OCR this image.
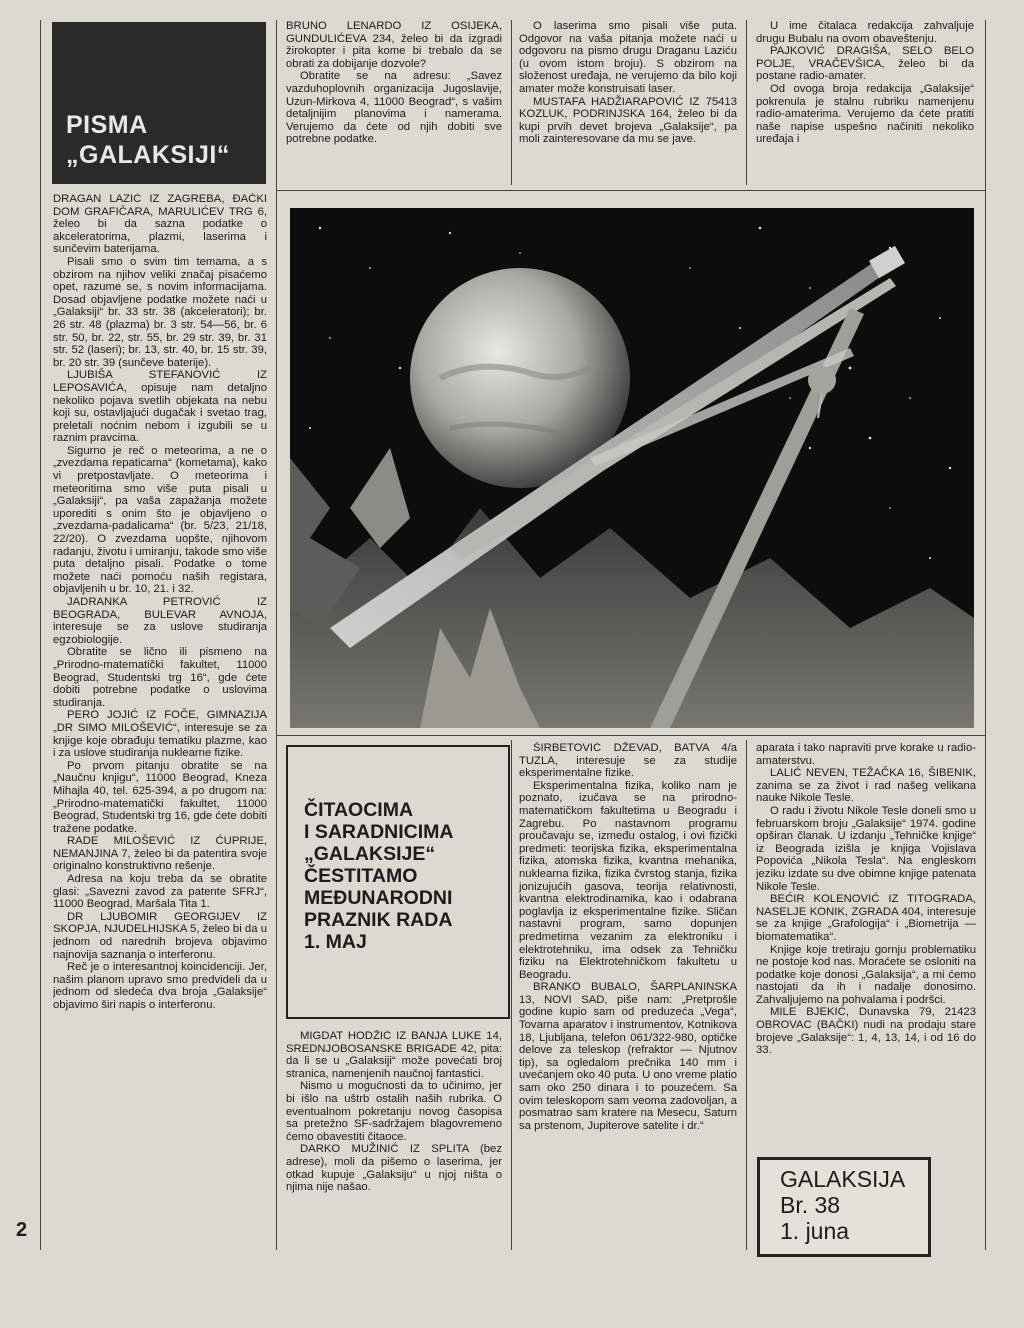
PISMA
„GALAKSIJI“

DRAGAN LAZIĆ IZ ZAGREBA, ĐAČKI DOM GRAFIČARA, MARULIĆEV TRG 6, želeo bi da sazna podatke o akceleratorima, plazmi, laserima i sunčevim baterijama.

Pisali smo o svim tim temama, a s obzirom na njihov veliki značaj pisaćemo opet, razume se, s novim informacijama. Dosad objavljene podatke možete naći u „Galaksiji“ br. 33 str. 38 (akceleratori); br. 26 str. 48 (plazma) br. 3 str. 54—56, br. 6 str. 50, br. 22, str. 55, br. 29 str. 39, br. 31 str. 52 (laseri); br. 13, str. 40, br. 15 str. 39, br. 20 str. 39 (sunčeve baterije).

LJUBIŠA STEFANOVIĆ IZ LEPOSAVIĆA, opisuje nam detaljno nekoliko pojava svetlih objekata na nebu koji su, ostavljajući dugačak i svetao trag, preletali noćnim nebom i izgubili se u raznim pravcima.

Sigurno je reč o meteorima, a ne o „zvezdama repaticama“ (kometama), kako vi pretpostavljate. O meteorima i meteoritima smo više puta pisali u „Galaksiji“, pa vaša zapažanja možete uporediti s onim što je objavljeno o „zvezdama-padalicama“ (br. 5/23, 21/18, 22/20). O zvezdama uopšte, njihovom radanju, životu i umiranju, takode smo više puta detaljno pisali. Podatke o tome možete naći pomoću naših registara, objavljenih u br. 10, 21. i 32.

JADRANKA PETROVIĆ IZ BEOGRADA, BULEVAR AVNOJA, interesuje se za uslove studiranja egzobiologije.

Obratite se lično ili pismeno na „Prirodno-matematički fakultet, 11000 Beograd, Studentski trg 16“, gde ćete dobiti potrebne podatke o uslovima studiranja.

PERO JOJIĆ IZ FOČE, GIMNAZIJA „DR SIMO MILOŠEVIĆ“, interesuje se za knjige koje obrađuju tematiku plazme, kao i za uslove studiranja nuklearne fizike.

Po prvom pitanju obratite se na „Naučnu knjigu“, 11000 Beograd, Kneza Mihajla 40, tel. 625-394, a po drugom na: „Prirodno-matematički fakultet, 11000 Beograd, Studentski trg 16, gde ćete dobiti tražene podatke.

RADE MILOŠEVIĆ IZ ĆUPRIJE, NEMANJINA 7, želeo bi da patentira svoje originalno konstruktivno rešenje.

Adresa na koju treba da se obratite glasi: „Savezni zavod za patente SFRJ“, 11000 Beograd, Maršala Tita 1.

DR LJUBOMIR GEORGIJEV IZ SKOPJA, NJUDELHIJSKA 5, želeo bi da u jednom od narednih brojeva objavimo najnovija saznanja o interferonu.

Reč je o interesantnoj koincidenciji. Jer, našim planom upravo smo predvideli da u jednom od sledeća dva broja „Galaksije“ objavimo širi napis o interferonu.

BRUNO LENARDO IZ OSIJEKA, GUNDULIĆEVA 234, želeo bi da izgradi žirokopter i pita kome bi trebalo da se obrati za dobijanje dozvole?

Obratite se na adresu: „Savez vazduhoplovnih organizacija Jugoslavije, Uzun-Mirkova 4, 11000 Beograd“, s vašim detaljnijim planovima i namerama. Verujemo da ćete od njih dobiti sve potrebne podatke.

O laserima smo pisali više puta. Odgovor na vaša pitanja možete naći u odgovoru na pismo drugu Draganu Laziću (u ovom istom broju). S obzirom na složenost uređaja, ne verujemo da bilo koji amater može konstruisati laser.

MUSTAFA HADŽIARAPOVIĆ IZ 75413 KOZLUK, PODRINJSKA 164, želeo bi da kupi prvih devet brojeva „Galaksije“, pa moli zainteresovane da mu se jave.

U ime čitalaca redakcija zahvaljuje drugu Bubalu na ovom obaveštenju.

PAJKOVIĆ DRAGIŠA, SELO BELO POLJE, VRAČEVŠICA, želeo bi da postane radio-amater.

Od ovoga broja redakcija „Galaksije“ pokrenula je stalnu rubriku namenjenu radio-amaterima. Verujemo da ćete pratiti naše napise uspešno načiniti nekoliko uređaja i

ČITAOCIMA
I SARADNICIMA
„GALAKSIJE“
ČESTITAMO
MEĐUNARODNI
PRAZNIK RADA
1. MAJ

MIGDAT HODŽIĆ IZ BANJA LUKE 14, SREDNJOBOSANSKE BRIGADE 42, pita: da li se u „Galaksiji“ može povećati broj stranica, namenjenih naučnoj fantastici.

Nismo u mogućnosti da to učinimo, jer bi išlo na uštrb ostalih naših rubrika. O eventualnom pokretanju novog časopisa sa pretežno SF-sadržajem blagovremeno ćemo obavestiti čitaoce.

DARKO MUŽINIĆ IZ SPLITA (bez adrese), moli da pišemo o laserima, jer otkad kupuje „Galaksiju“ u njoj ništa o njima nije našao.

ŠIRBETOVIĆ DŽEVAD, BATVA 4/a TUZLA, interesuje se za studije eksperimentalne fizike.

Eksperimentalna fizika, koliko nam je poznato, izučava se na prirodno-matematičkom fakultetima u Beogradu i Zagrebu. Po nastavnom programu proučavaju se, između ostalog, i ovi fizički predmeti: teorijska fizika, eksperimentalna fizika, atomska fizika, kvantna mehanika, nuklearna fizika, fizika čvrstog stanja, fizika jonizujućih gasova, teorija relativnosti, kvantna elektrodinamika, kao i odabrana poglavlja iz eksperimentalne fizike. Sličan nastavni program, samo dopunjen predmetima vezanim za elektroniku i elektrotehniku, ima odsek za Tehničku fiziku na Elektrotehničkom fakultetu u Beogradu.

BRANKO BUBALO, ŠARPLANINSKA 13, NOVI SAD, piše nam: „Pretprošle godine kupio sam od preduzeća „Vega“, Tovarna aparatov i instrumentov, Kotnikova 18, Ljubljana, telefon 061/322-980, optičke delove za teleskop (refraktor — Njutnov tip), sa ogledalom prečnika 140 mm i uvećanjem oko 40 puta. U ono vreme platio sam oko 250 dinara i to pouzećem. Sa ovim teleskopom sam veoma zadovoljan, a posmatrao sam kratere na Mesecu, Saturn sa prstenom, Jupiterove satelite i dr.“

aparata i tako napraviti prve korake u radio-amaterstvu.

LALIĆ NEVEN, TEŽAČKA 16, ŠIBENIK, zanima se za život i rad našeg velikana nauke Nikole Tesle.

O radu i životu Nikole Tesle doneli smo u februarskom broju „Galaksije“ 1974. godine opširan članak. U izdanju „Tehničke knjige“ iz Beograda izišla je knjiga Vojislava Popovića „Nikola Tesla“. Na engleskom jeziku izdate su dve obimne knjige patenata Nikole Tesle.

BEĆIR KOLENOVIĆ IZ TITOGRADA, NASELJE KONIK, ZGRADA 404, interesuje se za knjige „Grafologija“ i „Biometrija — biomatematika“.

Knjige koje tretiraju gornju problematiku ne postoje kod nas. Moraćete se osloniti na podatke koje donosi „Galaksija“, a mi ćemo nastojati da ih i nadalje donosimo. Zahvaljujemo na pohvalama i podršci.

MILE BJEKIĆ, Dunavska 79, 21423 OBROVAC (BAČKI) nudi na prodaju stare brojeve „Galaksije“: 1, 4, 13, 14, i od 16 do 33.

GALAKSIJA
Br. 38
1. juna

2
